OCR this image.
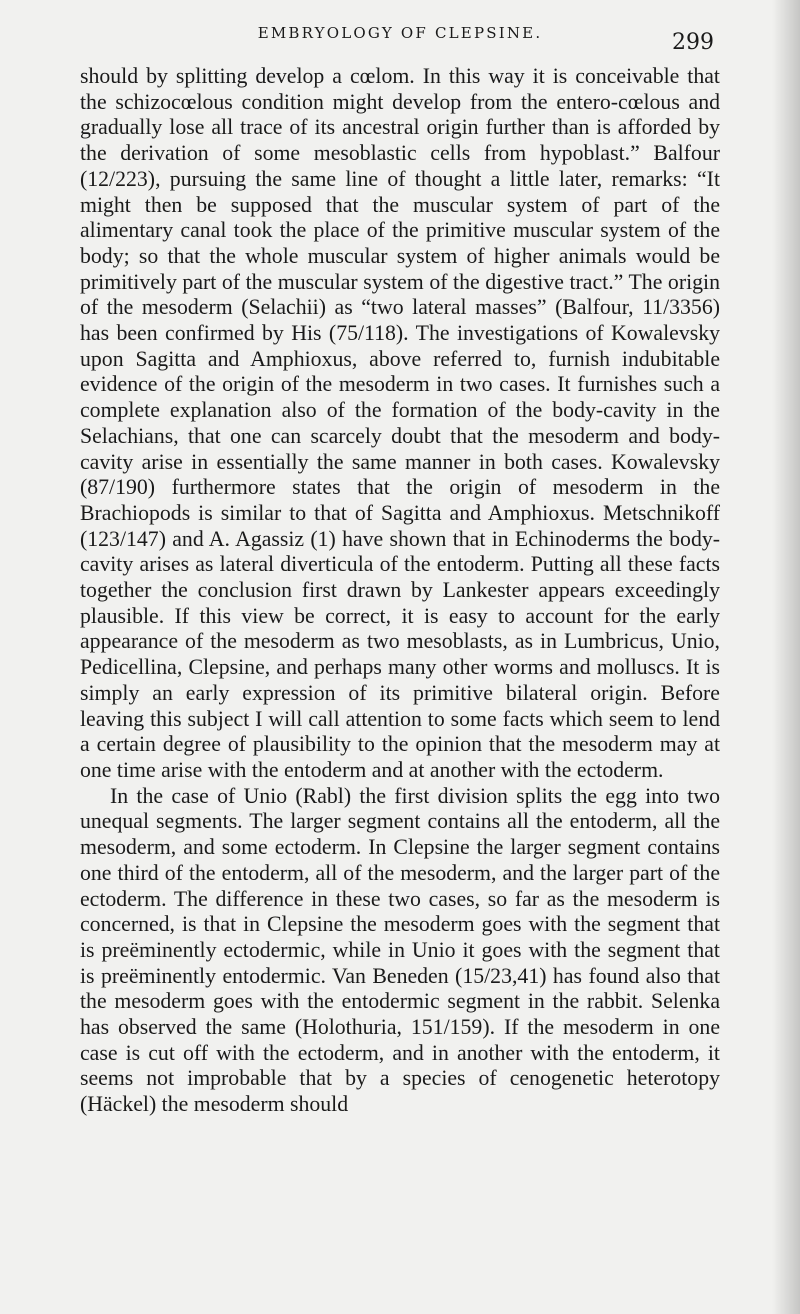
EMBRYOLOGY OF CLEPSINE.	299

should by splitting develop a cœlom. In this way it is conceivable that the schizocœlous condition might develop from the entero-cœlous and gradually lose all trace of its ancestral origin further than is afforded by the derivation of some mesoblastic cells from hypoblast.” Balfour (12/223), pursuing the same line of thought a little later, remarks: “It might then be supposed that the muscular system of part of the alimentary canal took the place of the primitive muscular system of the body; so that the whole muscular system of higher animals would be primitively part of the muscular system of the digestive tract.” The origin of the mesoderm (Selachii) as “two lateral masses” (Balfour, 11/3356) has been confirmed by His (75/118). The investigations of Kowalevsky upon Sagitta and Amphioxus, above referred to, furnish indubitable evidence of the origin of the mesoderm in two cases. It furnishes such a complete explanation also of the formation of the body-cavity in the Selachians, that one can scarcely doubt that the mesoderm and body-cavity arise in essentially the same manner in both cases. Kowalevsky (87/190) furthermore states that the origin of mesoderm in the Brachiopods is similar to that of Sagitta and Amphioxus. Metschnikoff (123/147) and A. Agassiz (1) have shown that in Echinoderms the body-cavity arises as lateral diverticula of the entoderm. Putting all these facts together the conclusion first drawn by Lankester appears exceedingly plausible. If this view be correct, it is easy to account for the early appearance of the mesoderm as two mesoblasts, as in Lumbricus, Unio, Pedicellina, Clepsine, and perhaps many other worms and molluscs. It is simply an early expression of its primitive bilateral origin. Before leaving this subject I will call attention to some facts which seem to lend a certain degree of plausibility to the opinion that the mesoderm may at one time arise with the entoderm and at another with the ectoderm.

In the case of Unio (Rabl) the first division splits the egg into two unequal segments. The larger segment contains all the entoderm, all the mesoderm, and some ectoderm. In Clepsine the larger segment contains one third of the entoderm, all of the mesoderm, and the larger part of the ectoderm. The difference in these two cases, so far as the mesoderm is concerned, is that in Clepsine the mesoderm goes with the segment that is preëminently ectodermic, while in Unio it goes with the segment that is preëminently entodermic. Van Beneden (15/23,41) has found also that the mesoderm goes with the entodermic segment in the rabbit. Selenka has observed the same (Holothuria, 151/159). If the mesoderm in one case is cut off with the ectoderm, and in another with the entoderm, it seems not improbable that by a species of cenogenetic heterotopy (Häckel) the mesoderm should
